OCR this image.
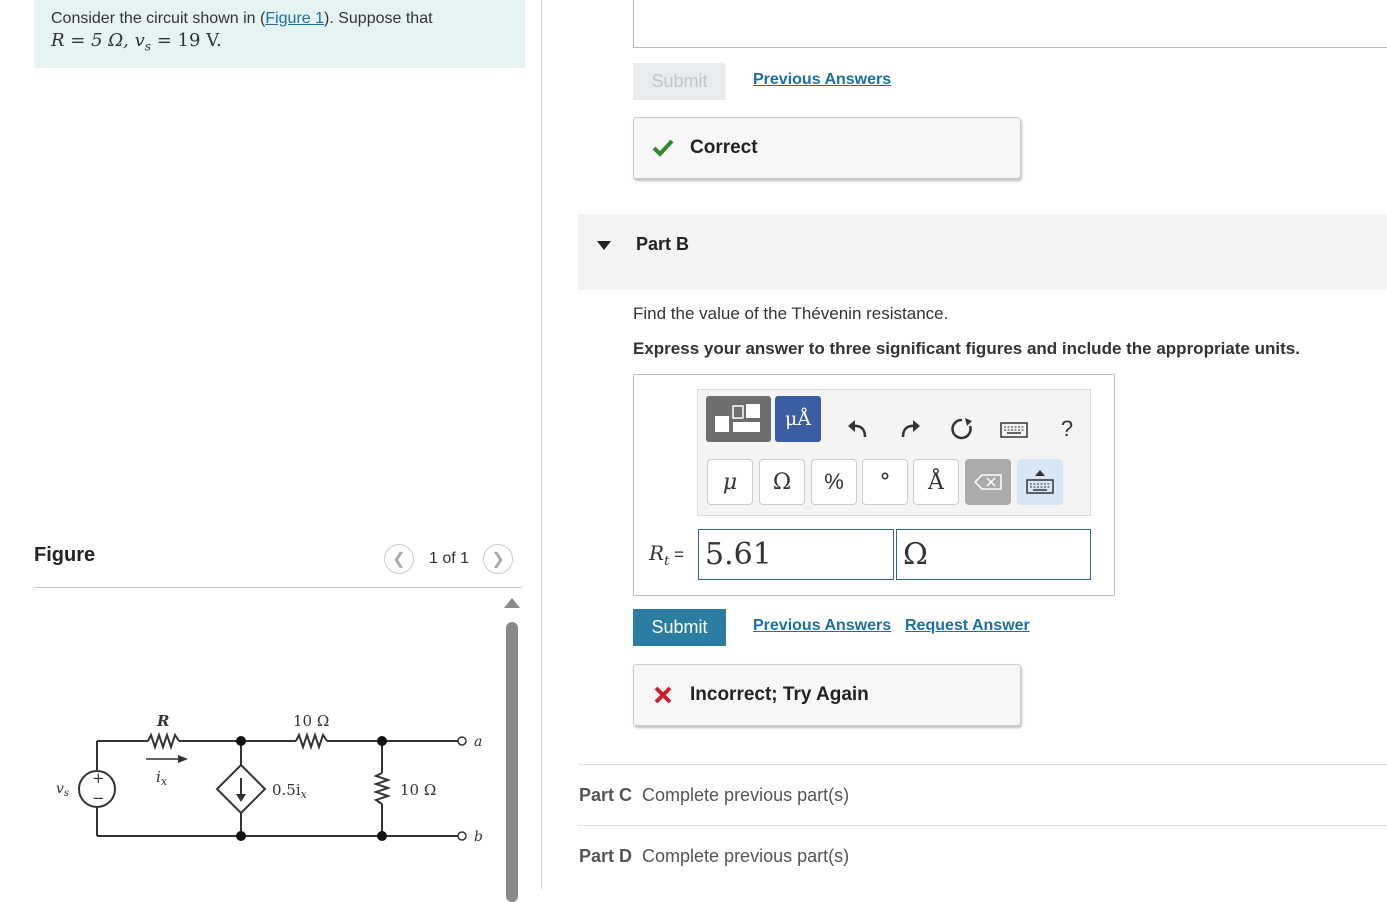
Consider the circuit shown in (Figure 1). Suppose that
R = 5 Ω, $v_s = 19$ V.
Figure	❮	1 of 1	❯
R	10 Ω
$i_x$
$v_s$
+
−	$0.5i_x$	10 Ω
a
b
Submit	Previous Answers
Correct
Part B
Find the value of the Thévenin resistance.
Express your answer to three significant figures and include the appropriate units.
μÅ	?
μ	Ω	%	°	Å
$R_t = 5.61$	Ω
Submit	Previous Answers Request Answer
Incorrect; Try Again
Part C Complete previous part(s)
Part D Complete previous part(s)
